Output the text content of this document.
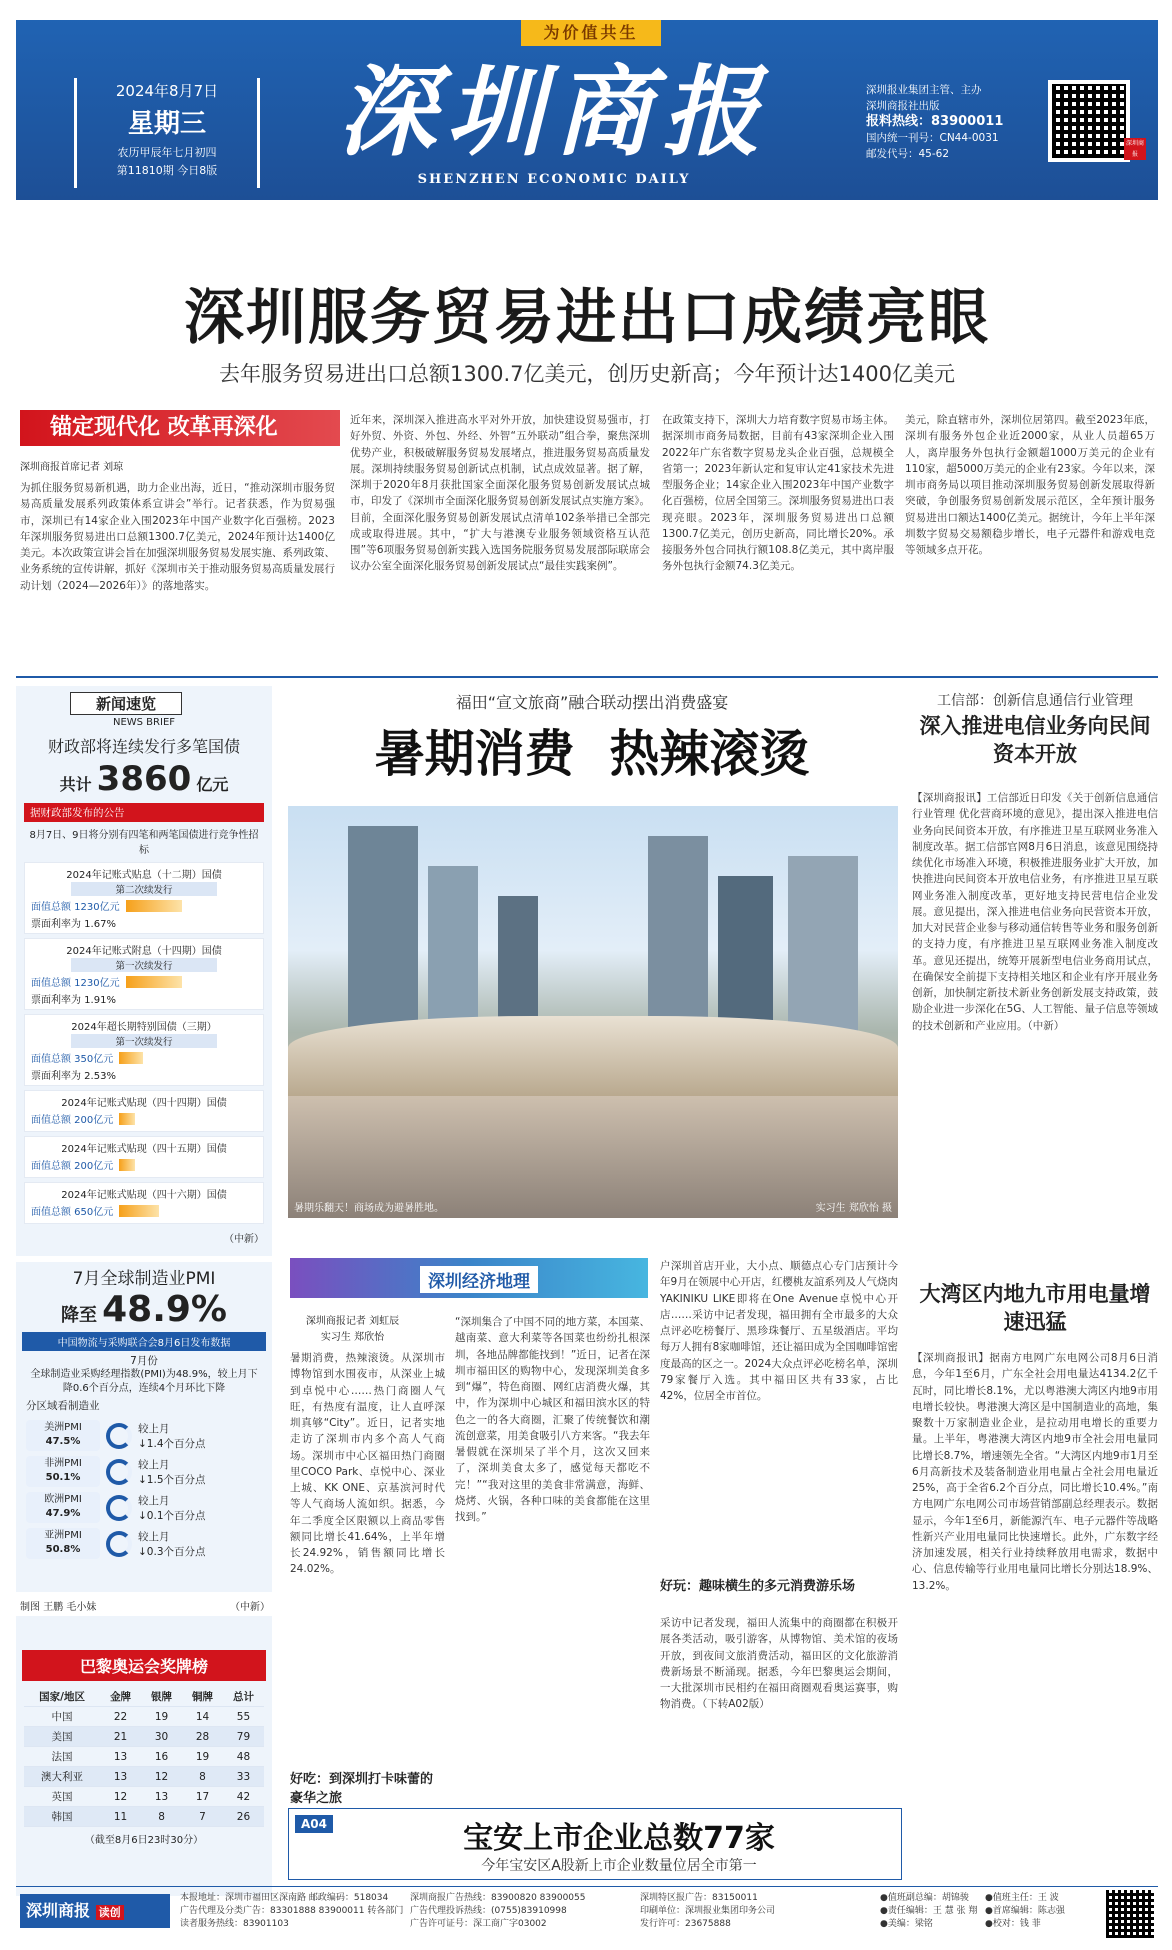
为价值共生
2024年8月7日
星期三
农历甲辰年七月初四
第11810期 今日8版
深圳商报
SHENZHEN ECONOMIC DAILY
深圳报业集团主管、主办
深圳商报社出版
报料热线：83900011
国内统一刊号：CN44-0031
邮发代号：45-62
深圳商报
深圳服务贸易进出口成绩亮眼
去年服务贸易进出口总额1300.7亿美元，创历史新高；今年预计达1400亿美元
锚定现代化 改革再深化
深圳商报首席记者 刘琼
为抓住服务贸易新机遇，助力企业出海，近日，“推动深圳市服务贸易高质量发展系列政策体系宣讲会”举行。记者获悉，作为贸易强市，深圳已有14家企业入围2023年中国产业数字化百强榜。2023年深圳服务贸易进出口总额1300.7亿美元，2024年预计达1400亿美元。本次政策宣讲会旨在加强深圳服务贸易发展实施、系列政策、业务系统的宣传讲解，抓好《深圳市关于推动服务贸易高质量发展行动计划（2024—2026年）》的落地落实。
近年来，深圳深入推进高水平对外开放，加快建设贸易强市，打好外贸、外资、外包、外经、外智“五外联动”组合拳，聚焦深圳优势产业，积极破解服务贸易发展堵点，推进服务贸易高质量发展。深圳持续服务贸易创新试点机制，试点成效显著。据了解，深圳于2020年8月获批国家全面深化服务贸易创新发展试点城市，印发了《深圳市全面深化服务贸易创新发展试点实施方案》。目前，全面深化服务贸易创新发展试点清单102条举措已全部完成或取得进展。其中，“扩大与港澳专业服务领域资格互认范围”等6项服务贸易创新实践入选国务院服务贸易发展部际联席会议办公室全面深化服务贸易创新发展试点“最佳实践案例”。
在政策支持下，深圳大力培育数字贸易市场主体。据深圳市商务局数据，目前有43家深圳企业入围2022年广东省数字贸易龙头企业百强，总规模全省第一；2023年新认定和复审认定41家技术先进型服务企业；14家企业入围2023年中国产业数字化百强榜，位居全国第三。深圳服务贸易进出口表现亮眼。2023年，深圳服务贸易进出口总额1300.7亿美元，创历史新高，同比增长20%。承接服务外包合同执行额108.8亿美元，其中离岸服务外包执行金额74.3亿美元。
美元，除直辖市外，深圳位居第四。截至2023年底，深圳有服务外包企业近2000家，从业人员超65万人，离岸服务外包执行金额超1000万美元的企业有110家，超5000万美元的企业有23家。今年以来，深圳市商务局以项目推动深圳服务贸易创新发展取得新突破，争创服务贸易创新发展示范区，全年预计服务贸易进出口额达1400亿美元。据统计，今年上半年深圳数字贸易交易额稳步增长，电子元器件和游戏电竞等领域多点开花。
新闻速览
NEWS BRIEF
财政部将连续发行多笔国债
共计 3860 亿元
据财政部发布的公告
8月7日、9日将分别有四笔和两笔国债进行竞争性招标
2024年记账式贴息（十二期）国债
第二次续发行
面值总额 1230亿元
票面利率为 1.67%
2024年记账式附息（十四期）国债
第一次续发行
面值总额 1230亿元
票面利率为 1.91%
2024年超长期特别国债（三期）
第一次续发行
面值总额 350亿元
票面利率为 2.53%
2024年记账式贴现（四十四期）国债
面值总额 200亿元
2024年记账式贴现（四十五期）国债
面值总额 200亿元
2024年记账式贴现（四十六期）国债
面值总额 650亿元
（中新）
7月全球制造业PMI
降至 48.9%
中国物流与采购联合会8月6日发布数据
7月份
全球制造业采购经理指数(PMI)为48.9%，较上月下降0.6个百分点，连续4个月环比下降
分区域看制造业
美洲PMI
47.5%
较上月
↓1.4个百分点
非洲PMI
50.1%
较上月
↓1.5个百分点
欧洲PMI
47.9%
较上月
↓0.1个百分点
亚洲PMI
50.8%
较上月
↓0.3个百分点
制图 王鹏 毛小妹	（中新）
巴黎奥运会奖牌榜
国家/地区	金牌	银牌	铜牌	总计
中国	22	19	14	55
美国	21	30	28	79
法国	13	16	19	48
澳大利亚	13	12	8	33
英国	12	13	17	42
韩国	11	8	7	26
（截至8月6日23时30分）
福田“宣文旅商”融合联动摆出消费盛宴
暑期消费  热辣滚烫
暑期乐翻天！商场成为避暑胜地。	实习生 郑欣怡 摄
深圳经济地理
深圳商报记者 刘虹辰
实习生 郑欣怡
暑期消费，热辣滚烫。从深圳市博物馆到水围夜市，从深业上城到卓悦中心……热门商圈人气旺，有热度有温度，让人直呼深圳真够“City”。近日，记者实地走访了深圳市内多个高人气商场。深圳市中心区福田热门商圈里COCO Park、卓悦中心、深业上城、KK ONE、京基滨河时代等人气商场人流如织。据悉，今年二季度全区限额以上商品零售额同比增长41.64%，上半年增长24.92%，销售额同比增长24.02%。
好吃：到深圳打卡味蕾的豪华之旅
“深圳集合了中国不同的地方菜，本国菜、越南菜、意大利菜等各国菜也纷纷扎根深圳，各地品牌都能找到！”近日，记者在深圳市福田区的购物中心，发现深圳美食多到“爆”，特色商圈、网红店消费火爆，其中，作为深圳中心城区和福田滨水区的特色之一的各大商圈，汇聚了传统餐饮和潮流创意菜，用美食吸引八方来客。“我去年暑假就在深圳呆了半个月，这次又回来了，深圳美食太多了，感觉每天都吃不完！”“我对这里的美食非常满意，海鲜、烧烤、火锅，各种口味的美食都能在这里找到。”
户深圳首店开业，大小点、顺德点心专门店预计今年9月在领展中心开店，红樱桃友誼系列及人气烧肉YAKINIKU LIKE即将在One Avenue卓悦中心开店……采访中记者发现，福田拥有全市最多的大众点评必吃榜餐厅、黑珍珠餐厅、五星级酒店。平均每万人拥有8家咖啡馆，还让福田成为全国咖啡馆密度最高的区之一。2024大众点评必吃榜名单，深圳79家餐厅入选。其中福田区共有33家，占比42%，位居全市首位。
好玩：趣味横生的多元消费游乐场
采访中记者发现，福田人流集中的商圈都在积极开展各类活动，吸引游客，从博物馆、美术馆的夜场开放，到夜间文旅消费活动，福田区的文化旅游消费新场景不断涌现。据悉，今年巴黎奥运会期间，一大批深圳市民相约在福田商圈观看奥运赛事，购物消费。（下转A02版）
A04	宝安上市企业总数77家
今年宝安区A股新上市企业数量位居全市第一
工信部：创新信息通信行业管理
深入推进电信业务向民间资本开放
【深圳商报讯】工信部近日印发《关于创新信息通信行业管理 优化营商环境的意见》，提出深入推进电信业务向民间资本开放，有序推进卫星互联网业务准入制度改革。据工信部官网8月6日消息，该意见围绕持续优化市场准入环境，积极推进服务业扩大开放，加快推进向民间资本开放电信业务，有序推进卫星互联网业务准入制度改革，更好地支持民营电信企业发展。意见提出，深入推进电信业务向民营资本开放，加大对民营企业参与移动通信转售等业务和服务创新的支持力度，有序推进卫星互联网业务准入制度改革。意见还提出，统筹开展新型电信业务商用试点，在确保安全前提下支持相关地区和企业有序开展业务创新，加快制定新技术新业务创新发展支持政策，鼓励企业进一步深化在5G、人工智能、量子信息等领域的技术创新和产业应用。（中新）
大湾区内地九市用电量增速迅猛
【深圳商报讯】据南方电网广东电网公司8月6日消息，今年1至6月，广东全社会用电量达4134.2亿千瓦时，同比增长8.1%，尤以粤港澳大湾区内地9市用电增长较快。粤港澳大湾区是中国制造业的高地，集聚数十万家制造业企业，是拉动用电增长的重要力量。上半年，粤港澳大湾区内地9市全社会用电量同比增长8.7%，增速领先全省。“大湾区内地9市1月至6月高新技术及装备制造业用电量占全社会用电量近25%，高于全省6.2个百分点，同比增长10.4%。”南方电网广东电网公司市场营销部副总经理表示。数据显示，今年1至6月，新能源汽车、电子元器件等战略性新兴产业用电量同比快速增长。此外，广东数字经济加速发展，相关行业持续释放用电需求，数据中心、信息传输等行业用电量同比增长分别达18.9%、13.2%。
深圳商报 读创
本报地址：深圳市福田区深南路 邮政编码：518034	深圳商报广告热线：83900820 83900055	深圳特区报广告：83150011
广告代理及分类广告：83301888 83900011 转各部门 广告代理投诉热线：(0755)83910998	印刷单位：深圳报业集团印务公司
读者服务热线：83901103	广告许可证号：深工商广字03002	发行许可：23675888
●值班副总编：胡锦骏	●值班主任：王 波
●责任编辑：王 慧 张 翔 ●首席编辑：陈志强
●美编：梁铭	●校对：钱 菲
